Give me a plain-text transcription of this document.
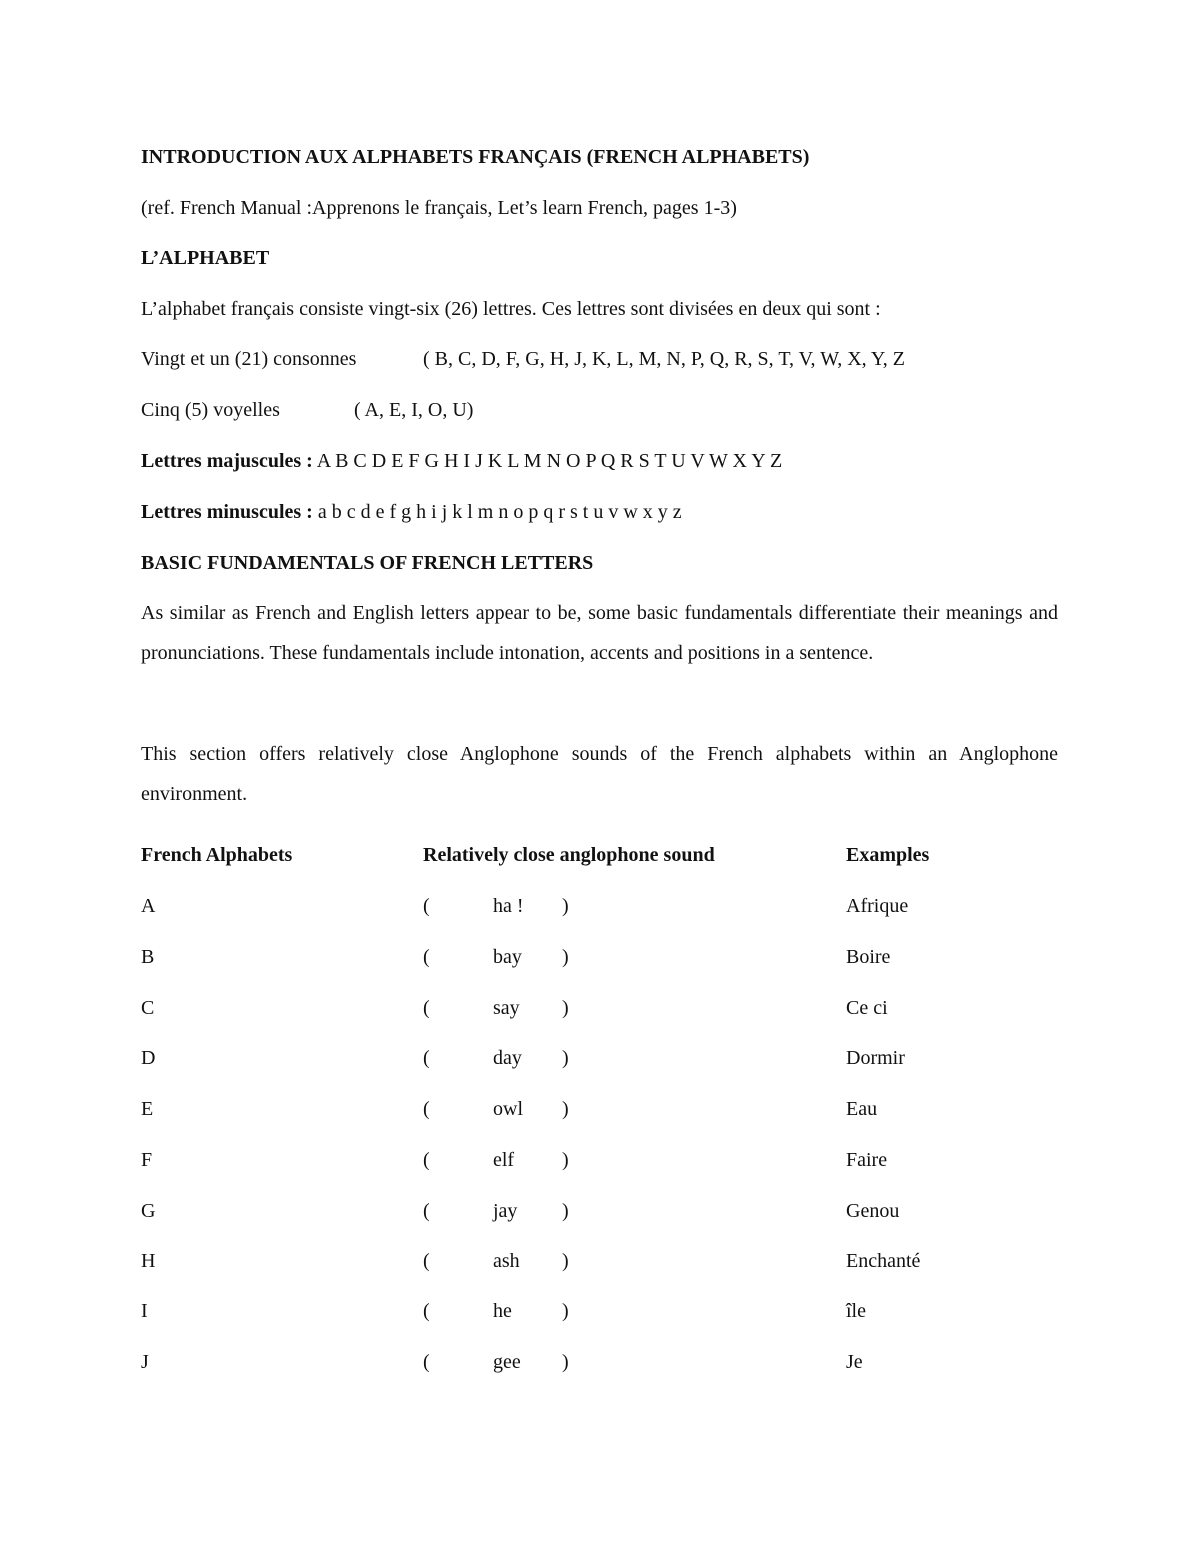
INTRODUCTION AUX ALPHABETS FRANÇAIS (FRENCH ALPHABETS)
(ref. French Manual :Apprenons le français, Let’s learn French, pages 1-3)
L’ALPHABET
L’alphabet français consiste vingt-six (26) lettres. Ces lettres sont divisées en deux qui sont :
Vingt et un (21) consonnes	( B, C, D, F, G, H, J, K, L, M, N, P, Q, R, S, T, V, W, X, Y, Z
Cinq (5) voyelles	( A, E, I, O, U)
Lettres majuscules : A B C D E F G H I J K L M N O P Q R S T U V W X Y Z
Lettres minuscules : a b c d e f g h i j k l m n o p q r s t u v w x y z
BASIC FUNDAMENTALS OF FRENCH LETTERS
As similar as French and English letters appear to be, some basic fundamentals differentiate their meanings and pronunciations. These fundamentals include intonation, accents and positions in a sentence.
This section offers relatively close Anglophone sounds of the French alphabets within an Anglophone environment.
French Alphabets	Relatively close anglophone sound	Examples
A	(	ha ! )	Afrique
B	(	bay )	Boire
C	(	say )	Ce ci
D	(	day )	Dormir
E	(	owl )	Eau
F	(	elf )	Faire
G	(	jay )	Genou
H	(	ash )	Enchanté
I	(	he	)	île
J	(	gee )	Je
